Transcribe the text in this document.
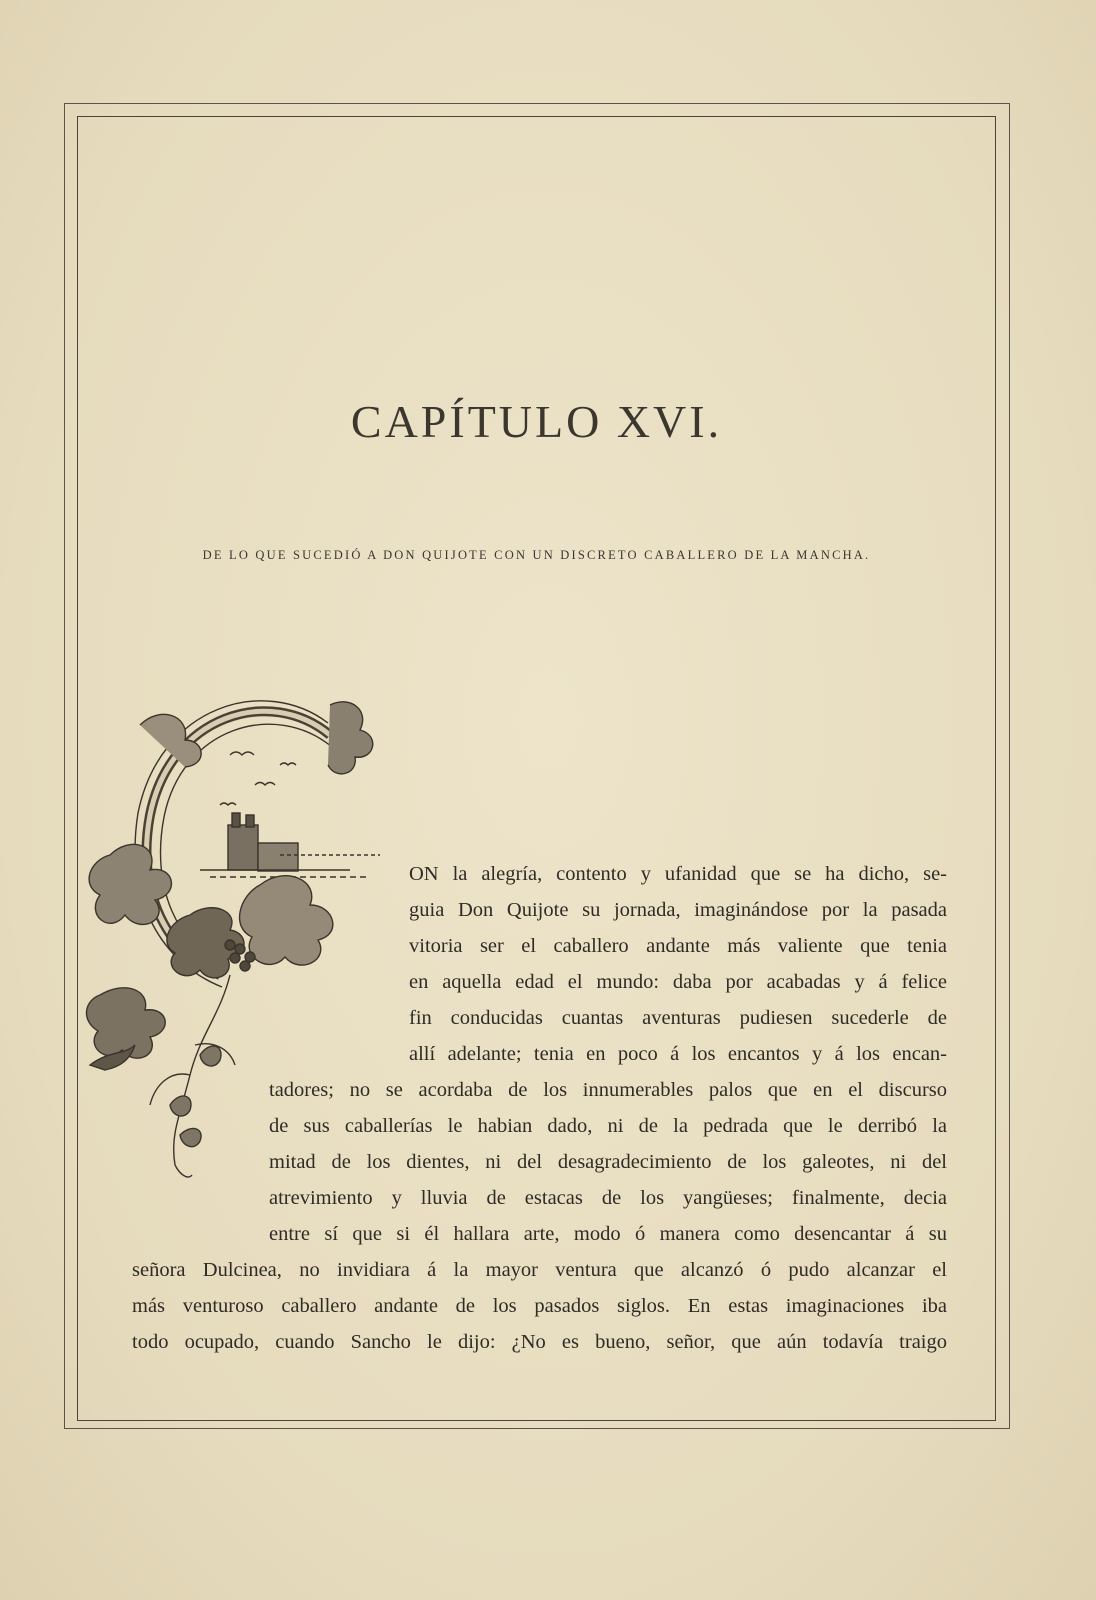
CAPÍTULO XVI.

DE LO QUE SUCEDIÓ A DON QUIJOTE CON UN DISCRETO CABALLERO DE LA MANCHA.

ON la alegría, contento y ufanidad que se ha dicho, se-

guia Don Quijote su jornada, imaginándose por la pasada

vitoria ser el caballero andante más valiente que tenia

en aquella edad el mundo: daba por acabadas y á felice

fin conducidas cuantas aventuras pudiesen sucederle de

allí adelante; tenia en poco á los encantos y á los encan-

tadores; no se acordaba de los innumerables palos que en el discurso

de sus caballerías le habian dado, ni de la pedrada que le derribó la

mitad de los dientes, ni del desagradecimiento de los galeotes, ni del

atrevimiento y lluvia de estacas de los yangüeses; finalmente, decia

entre sí que si él hallara arte, modo ó manera como desencantar á su

señora Dulcinea, no invidiara á la mayor ventura que alcanzó ó pudo alcanzar el

más venturoso caballero andante de los pasados siglos. En estas imaginaciones iba

todo ocupado, cuando Sancho le dijo: ¿No es bueno, señor, que aún todavía traigo
